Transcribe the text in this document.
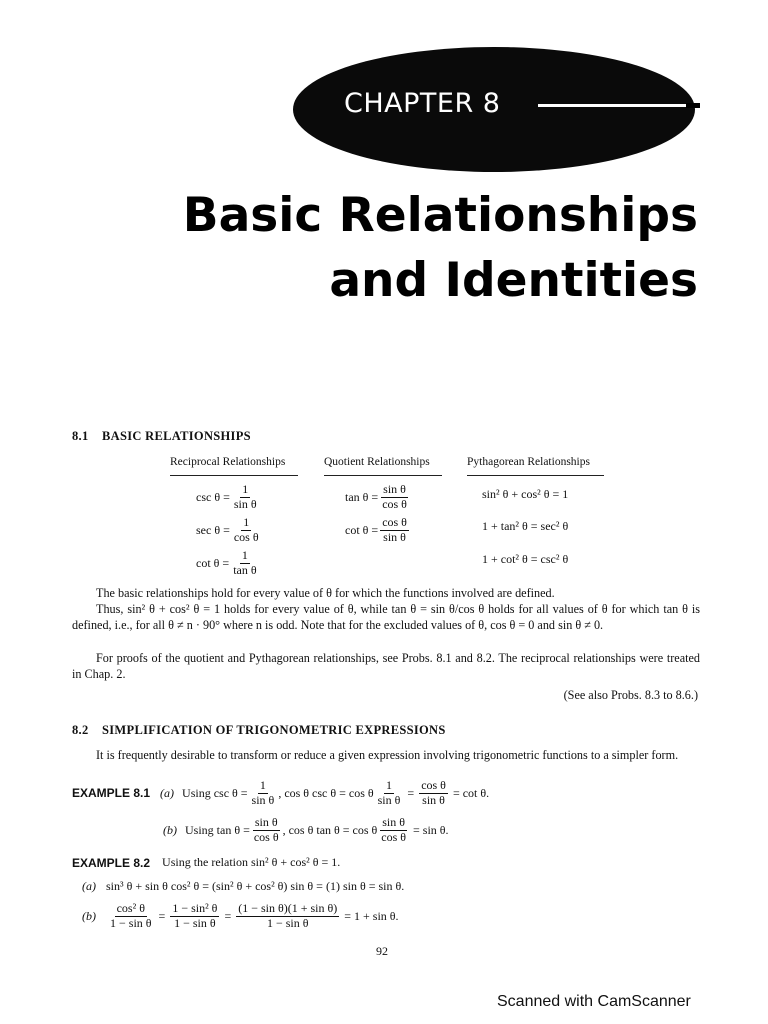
CHAPTER 8
Basic Relationships
and Identities
8.1 BASIC RELATIONSHIPS
Reciprocal Relationships	Quotient Relationships	Pythagorean Relationships
$\csc \theta = \frac{1}{\text{sin θ}}$
$\sec \theta = \frac{1}{\text{cos θ}}$
$\cot \theta = \frac{1}{\text{tan θ}}$
$\tan \theta = \frac{\text{sin θ}}{\text{cos θ}}$
$\cot \theta = \frac{\text{cos θ}}{\text{sin θ}}$
sin² θ + cos² θ = 1
1 + tan² θ = sec² θ
1 + cot² θ = csc² θ
The basic relationships hold for every value of θ for which the functions involved are defined.
Thus, sin² θ + cos² θ = 1 holds for every value of θ, while tan θ = sin θ/cos θ holds for all values of θ for which tan θ is defined, i.e., for all θ ≠ n · 90° where n is odd. Note that for the excluded values of θ, cos θ = 0 and sin θ ≠ 0.
For proofs of the quotient and Pythagorean relationships, see Probs. 8.1 and 8.2. The reciprocal relationships were treated in Chap. 2.
(See also Probs. 8.3 to 8.6.)
8.2 SIMPLIFICATION OF TRIGONOMETRIC EXPRESSIONS
It is frequently desirable to transform or reduce a given expression involving trigonometric functions to a simpler form.
EXAMPLE 8.1 (a) Using $\csc \theta = \frac{1}{\text{sin θ}}$ , cos θ csc θ = cos θ $\frac{1}{\text{sin θ}} = \frac{\text{cos θ}}{\text{sin θ}} = \cot \theta$.
(b) Using $\tan \theta = \frac{\text{sin θ}}{\text{cos θ}}$ , cos θ tan θ = cos θ $\frac{\text{sin θ}}{\text{cos θ}} = \sin \theta$.
EXAMPLE 8.2 Using the relation sin² θ + cos² θ = 1.
(a) sin³ θ + sin θ cos² θ = (sin² θ + cos² θ) sin θ = (1) sin θ = sin θ.
$(b) \frac{\text{cos² θ}}{\text{1 − sin θ}} = \frac{\text{1 − sin² θ}}{\text{1 − sin θ}} = \frac{\text{(1 − sin θ)(1 + sin θ)}}{\text{1 − sin θ}} = 1 + \sin \theta$.
92
Scanned with CamScanner
